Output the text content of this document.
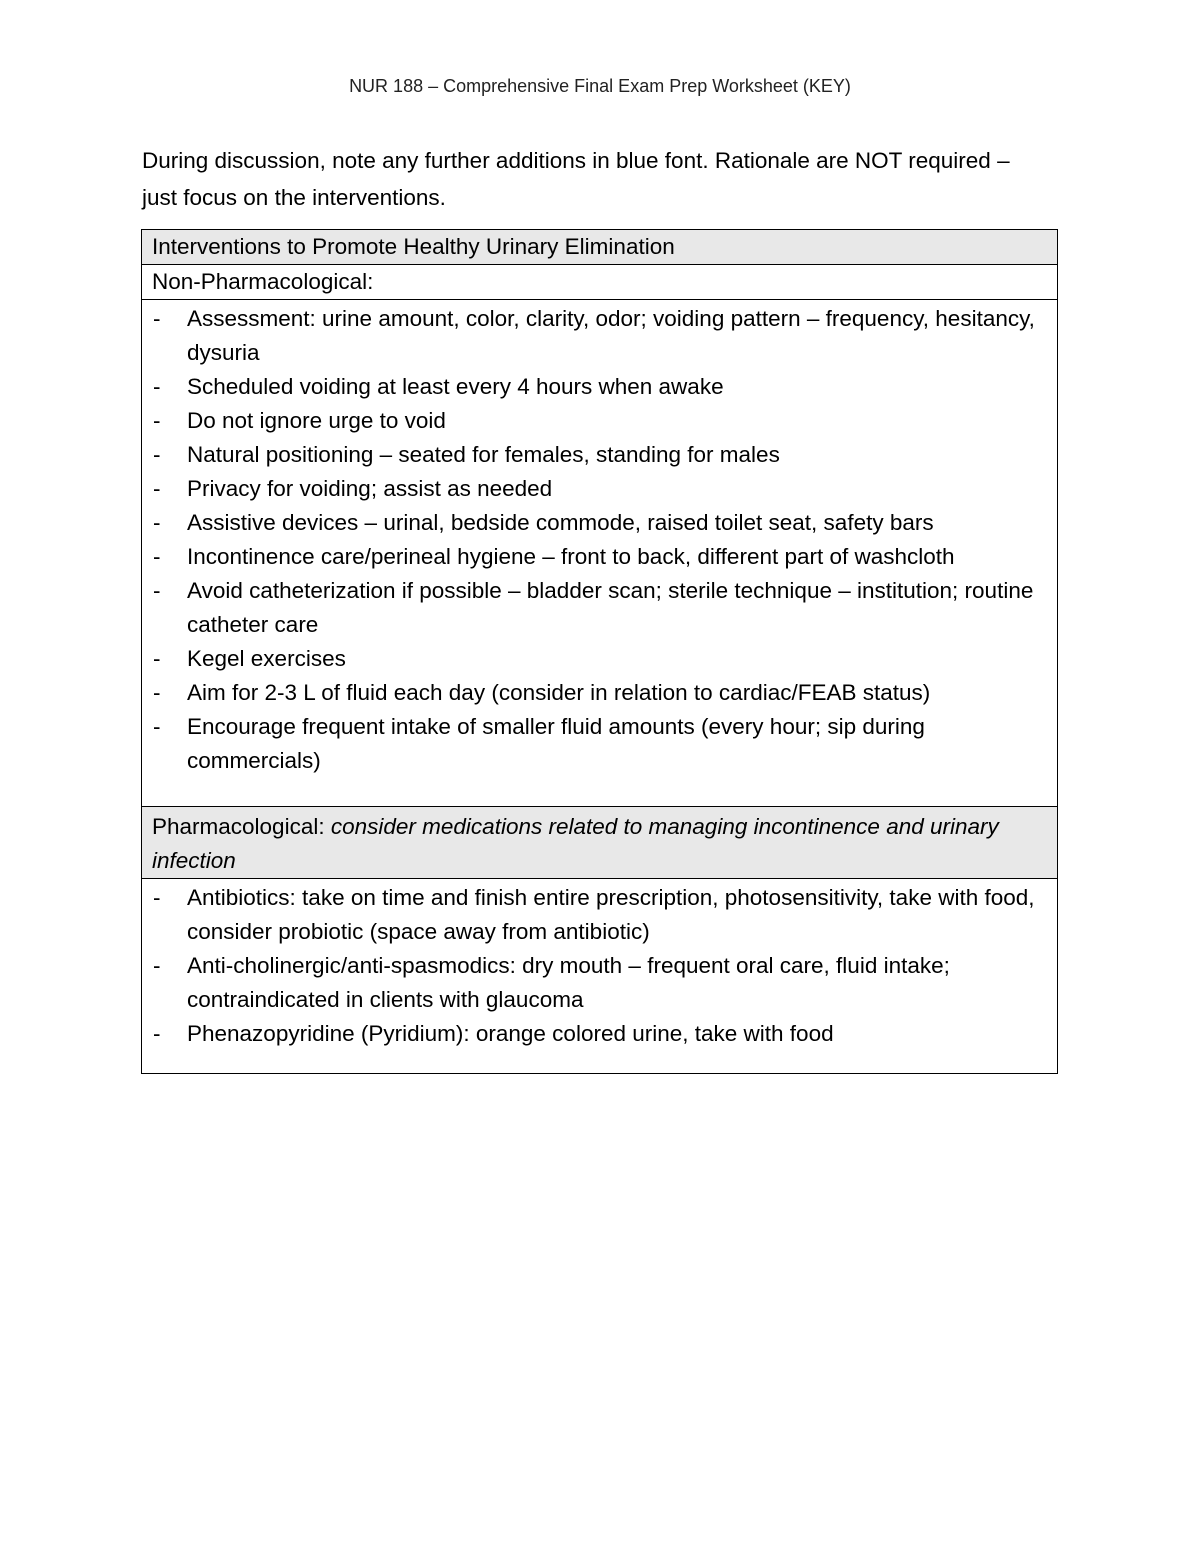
NUR 188 – Comprehensive Final Exam Prep Worksheet (KEY)
During discussion, note any further additions in blue font. Rationale are NOT required – just focus on the interventions.
Interventions to Promote Healthy Urinary Elimination
Non-Pharmacological:

- Assessment: urine amount, color, clarity, odor; voiding pattern – frequency, hesitancy, dysuria
- Scheduled voiding at least every 4 hours when awake
- Do not ignore urge to void
- Natural positioning – seated for females, standing for males
- Privacy for voiding; assist as needed
- Assistive devices – urinal, bedside commode, raised toilet seat, safety bars
- Incontinence care/perineal hygiene – front to back, different part of washcloth
- Avoid catheterization if possible – bladder scan; sterile technique – institution; routine catheter care
- Kegel exercises
- Aim for 2-3 L of fluid each day (consider in relation to cardiac/FEAB status)
- Encourage frequent intake of smaller fluid amounts (every hour; sip during commercials)

Pharmacological: consider medications related to managing incontinence and urinary infection

- Antibiotics: take on time and finish entire prescription, photosensitivity, take with food, consider probiotic (space away from antibiotic)
- Anti-cholinergic/anti-spasmodics: dry mouth – frequent oral care, fluid intake; contraindicated in clients with glaucoma
- Phenazopyridine (Pyridium): orange colored urine, take with food
